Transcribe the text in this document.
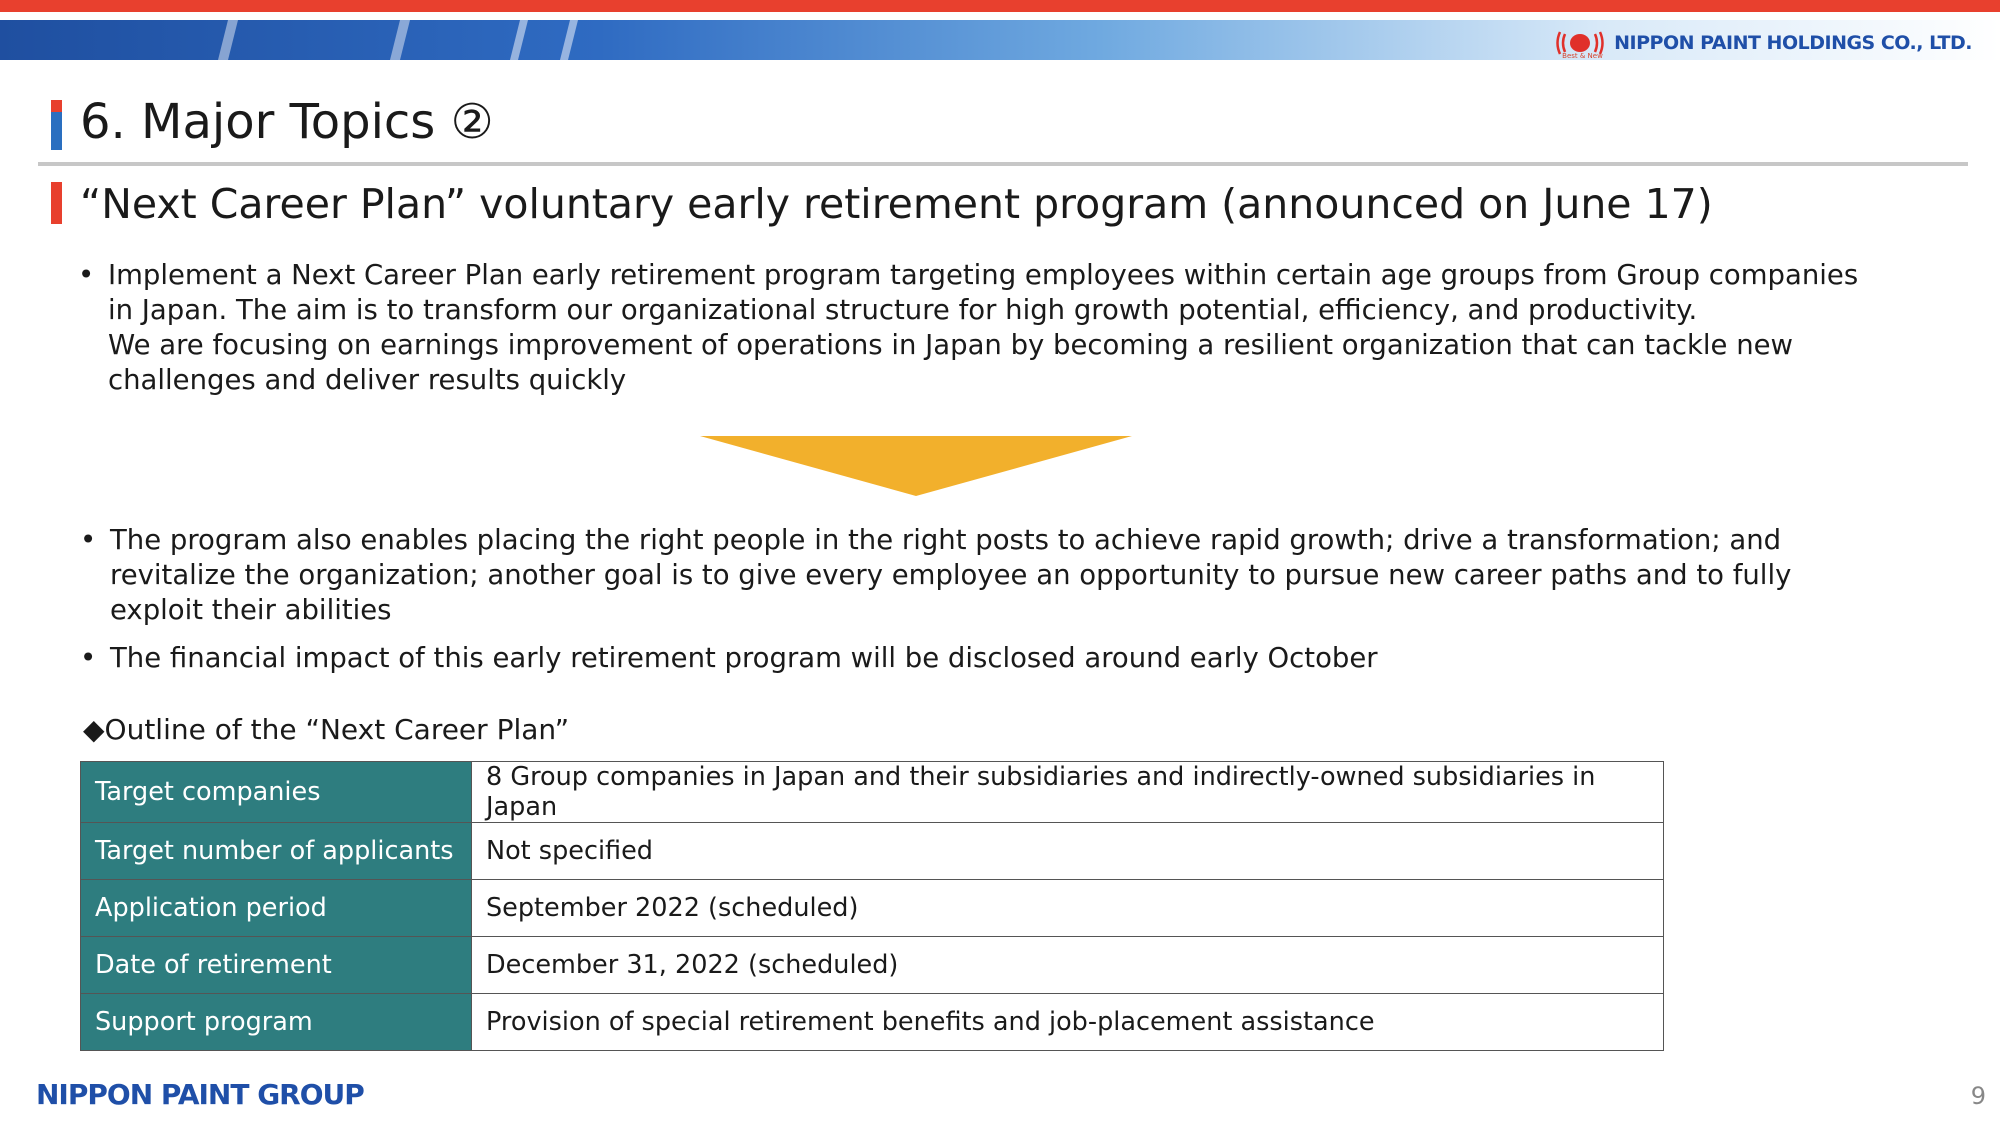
Best & New
NIPPON PAINT HOLDINGS CO., LTD.
6. Major Topics ②
“Next Career Plan” voluntary early retirement program (announced on June 17)
• Implement a Next Career Plan early retirement program targeting employees within certain age groups from Group companies
in Japan. The aim is to transform our organizational structure for high growth potential, efficiency, and productivity.
We are focusing on earnings improvement of operations in Japan by becoming a resilient organization that can tackle new
challenges and deliver results quickly
• The program also enables placing the right people in the right posts to achieve rapid growth; drive a transformation; and
revitalize the organization; another goal is to give every employee an opportunity to pursue new career paths and to fully
exploit their abilities
• The financial impact of this early retirement program will be disclosed around early October
◆Outline of the “Next Career Plan”
Target companies	8 Group companies in Japan and their subsidiaries and indirectly-owned subsidiaries in Japan
Target number of applicants	Not specified
Application period	September 2022 (scheduled)
Date of retirement	December 31, 2022 (scheduled)
Support program	Provision of special retirement benefits and job-placement assistance
NIPPON PAINT GROUP	9
